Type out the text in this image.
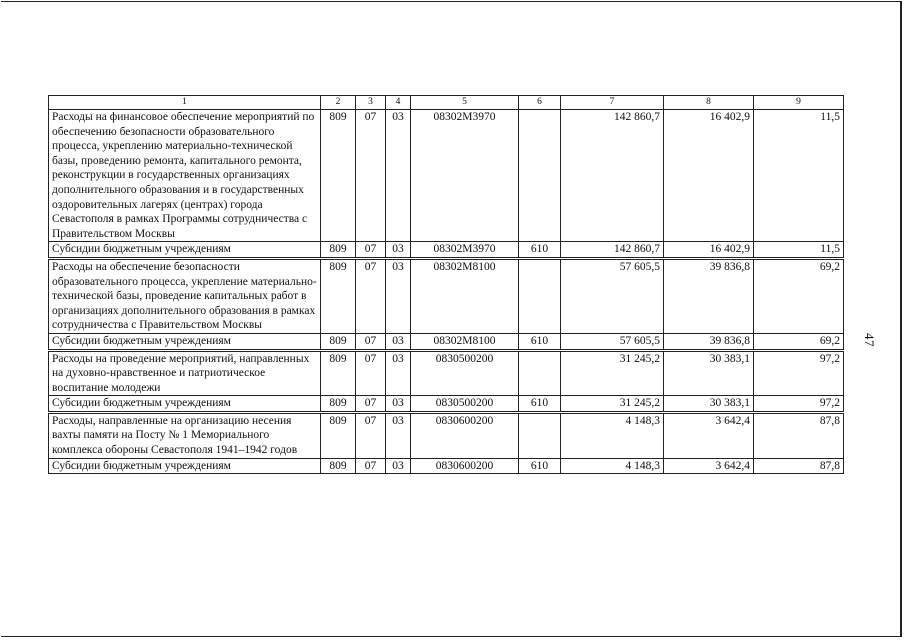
47
1	2	3	4	5	6	7	8	9
Расходы на финансовое обеспечение мероприятий по обеспечению безопасности образовательного процесса, укреплению материально-технической базы, проведению ремонта, капитального ремонта, реконструкции в государственных организациях дополнительного образования и в государственных оздоровительных лагерях (центрах) города Севастополя в рамках Программы сотрудничества с Правительством Москвы	809	07	03	08302М3970		142 860,7	16 402,9	11,5
Субсидии бюджетным учреждениям	809	07	03	08302М3970	610	142 860,7	16 402,9	11,5
Расходы на обеспечение безопасности образовательного процесса, укрепление материально-технической базы, проведение капитальных работ в организациях дополнительного образования в рамках сотрудничества с Правительством Москвы	809	07	03	08302М8100		57 605,5	39 836,8	69,2
Субсидии бюджетным учреждениям	809	07	03	08302М8100	610	57 605,5	39 836,8	69,2
Расходы на проведение мероприятий, направленных на духовно-нравственное и патриотическое воспитание молодежи	809	07	03	0830500200		31 245,2	30 383,1	97,2
Субсидии бюджетным учреждениям	809	07	03	0830500200	610	31 245,2	30 383,1	97,2
Расходы, направленные на организацию несения вахты памяти на Посту № 1 Мемориального комплекса обороны Севастополя 1941–1942 годов	809	07	03	0830600200		4 148,3	3 642,4	87,8
Субсидии бюджетным учреждениям	809	07	03	0830600200	610	4 148,3	3 642,4	87,8
